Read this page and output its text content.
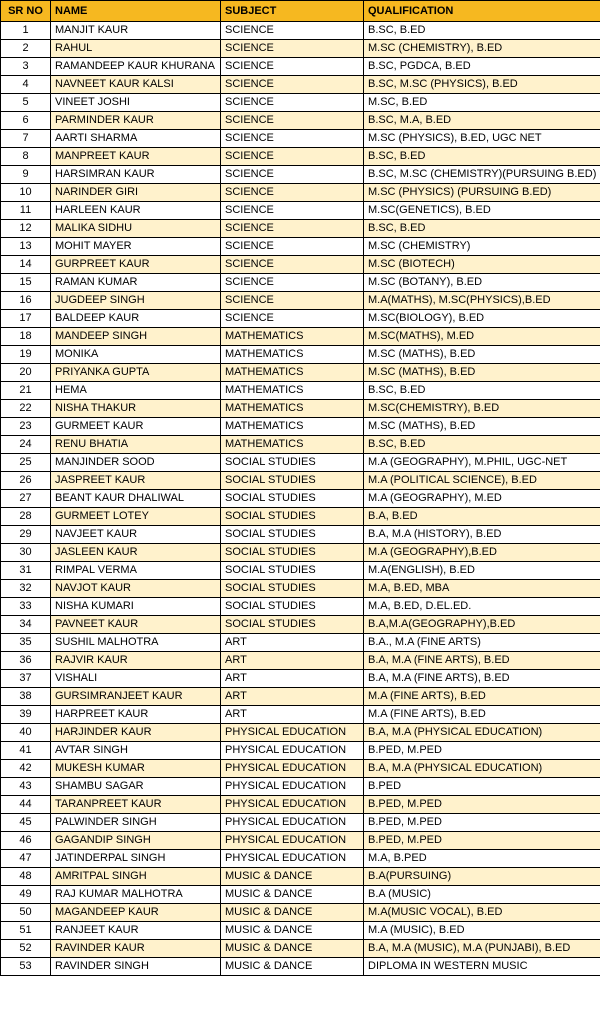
SR NO	NAME	SUBJECT	QUALIFICATION
1	MANJIT KAUR	SCIENCE	B.SC, B.ED
2	RAHUL	SCIENCE	M.SC (CHEMISTRY), B.ED
3	RAMANDEEP KAUR KHURANA	SCIENCE	B.SC, PGDCA, B.ED
4	NAVNEET KAUR KALSI	SCIENCE	B.SC, M.SC (PHYSICS), B.ED
5	VINEET JOSHI	SCIENCE	M.SC, B.ED
6	PARMINDER KAUR	SCIENCE	B.SC, M.A, B.ED
7	AARTI SHARMA	SCIENCE	M.SC (PHYSICS), B.ED, UGC NET
8	MANPREET KAUR	SCIENCE	B.SC, B.ED
9	HARSIMRAN KAUR	SCIENCE	B.SC, M.SC (CHEMISTRY)(PURSUING B.ED)
10	NARINDER GIRI	SCIENCE	M.SC (PHYSICS) (PURSUING B.ED)
11	HARLEEN KAUR	SCIENCE	M.SC(GENETICS), B.ED
12	MALIKA SIDHU	SCIENCE	B.SC, B.ED
13	MOHIT MAYER	SCIENCE	M.SC (CHEMISTRY)
14	GURPREET KAUR	SCIENCE	M.SC (BIOTECH)
15	RAMAN KUMAR	SCIENCE	M.SC (BOTANY), B.ED
16	JUGDEEP SINGH	SCIENCE	M.A(MATHS), M.SC(PHYSICS),B.ED
17	BALDEEP KAUR	SCIENCE	M.SC(BIOLOGY), B.ED
18	MANDEEP SINGH	MATHEMATICS	M.SC(MATHS), M.ED
19	MONIKA	MATHEMATICS	M.SC (MATHS), B.ED
20	PRIYANKA GUPTA	MATHEMATICS	M.SC (MATHS), B.ED
21	HEMA	MATHEMATICS	B.SC, B.ED
22	NISHA THAKUR	MATHEMATICS	M.SC(CHEMISTRY), B.ED
23	GURMEET KAUR	MATHEMATICS	M.SC (MATHS), B.ED
24	RENU BHATIA	MATHEMATICS	B.SC, B.ED
25	MANJINDER SOOD	SOCIAL STUDIES	M.A (GEOGRAPHY), M.PHIL, UGC-NET
26	JASPREET KAUR	SOCIAL STUDIES	M.A (POLITICAL SCIENCE), B.ED
27	BEANT KAUR DHALIWAL	SOCIAL STUDIES	M.A (GEOGRAPHY), M.ED
28	GURMEET LOTEY	SOCIAL STUDIES	B.A, B.ED
29	NAVJEET KAUR	SOCIAL STUDIES	B.A, M.A (HISTORY), B.ED
30	JASLEEN KAUR	SOCIAL STUDIES	M.A (GEOGRAPHY),B.ED
31	RIMPAL VERMA	SOCIAL STUDIES	M.A(ENGLISH), B.ED
32	NAVJOT KAUR	SOCIAL STUDIES	M.A, B.ED, MBA
33	NISHA KUMARI	SOCIAL STUDIES	M.A, B.ED, D.EL.ED.
34	PAVNEET KAUR	SOCIAL STUDIES	B.A,M.A(GEOGRAPHY),B.ED
35	SUSHIL MALHOTRA	ART	B.A., M.A (FINE ARTS)
36	RAJVIR KAUR	ART	B.A, M.A (FINE ARTS), B.ED
37	VISHALI	ART	B.A, M.A (FINE ARTS), B.ED
38	GURSIMRANJEET KAUR	ART	M.A (FINE ARTS), B.ED
39	HARPREET KAUR	ART	M.A (FINE ARTS), B.ED
40	HARJINDER KAUR	PHYSICAL EDUCATION	B.A, M.A (PHYSICAL EDUCATION)
41	AVTAR SINGH	PHYSICAL EDUCATION	B.PED, M.PED
42	MUKESH KUMAR	PHYSICAL EDUCATION	B.A, M.A (PHYSICAL EDUCATION)
43	SHAMBU SAGAR	PHYSICAL EDUCATION	B.PED
44	TARANPREET KAUR	PHYSICAL EDUCATION	B.PED, M.PED
45	PALWINDER SINGH	PHYSICAL EDUCATION	B.PED, M.PED
46	GAGANDIP SINGH	PHYSICAL EDUCATION	B.PED, M.PED
47	JATINDERPAL SINGH	PHYSICAL EDUCATION	M.A, B.PED
48	AMRITPAL SINGH	MUSIC & DANCE	B.A(PURSUING)
49	RAJ KUMAR MALHOTRA	MUSIC & DANCE	B.A (MUSIC)
50	MAGANDEEP KAUR	MUSIC & DANCE	M.A(MUSIC VOCAL), B.ED
51	RANJEET KAUR	MUSIC & DANCE	M.A (MUSIC), B.ED
52	RAVINDER KAUR	MUSIC & DANCE	B.A, M.A (MUSIC), M.A (PUNJABI), B.ED
53	RAVINDER SINGH	MUSIC & DANCE	DIPLOMA IN WESTERN MUSIC
